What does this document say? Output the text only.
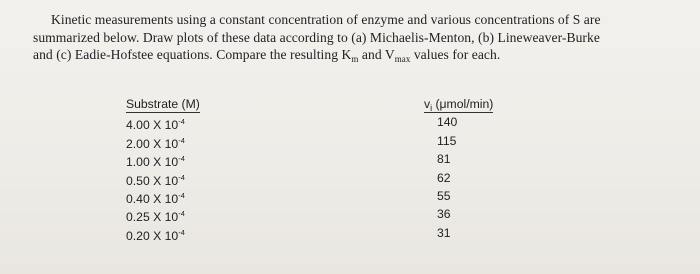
Kinetic measurements using a constant concentration of enzyme and various concentrations of S are
summarized below. Draw plots of these data according to (a) Michaelis-Menton, (b) Lineweaver-Burke
and (c) Eadie-Hofstee equations. Compare the resulting $K_m$ and $V_{max}$ values for each.
Substrate (M)
4.00 X $10^{-4}$
2.00 X $10^{-4}$
1.00 X $10^{-4}$
0.50 X $10^{-4}$
0.40 X $10^{-4}$
0.25 X $10^{-4}$
0.20 X $10^{-4}$
$v_i$ (μmol/min)
140
115
81
62
55
36
31
